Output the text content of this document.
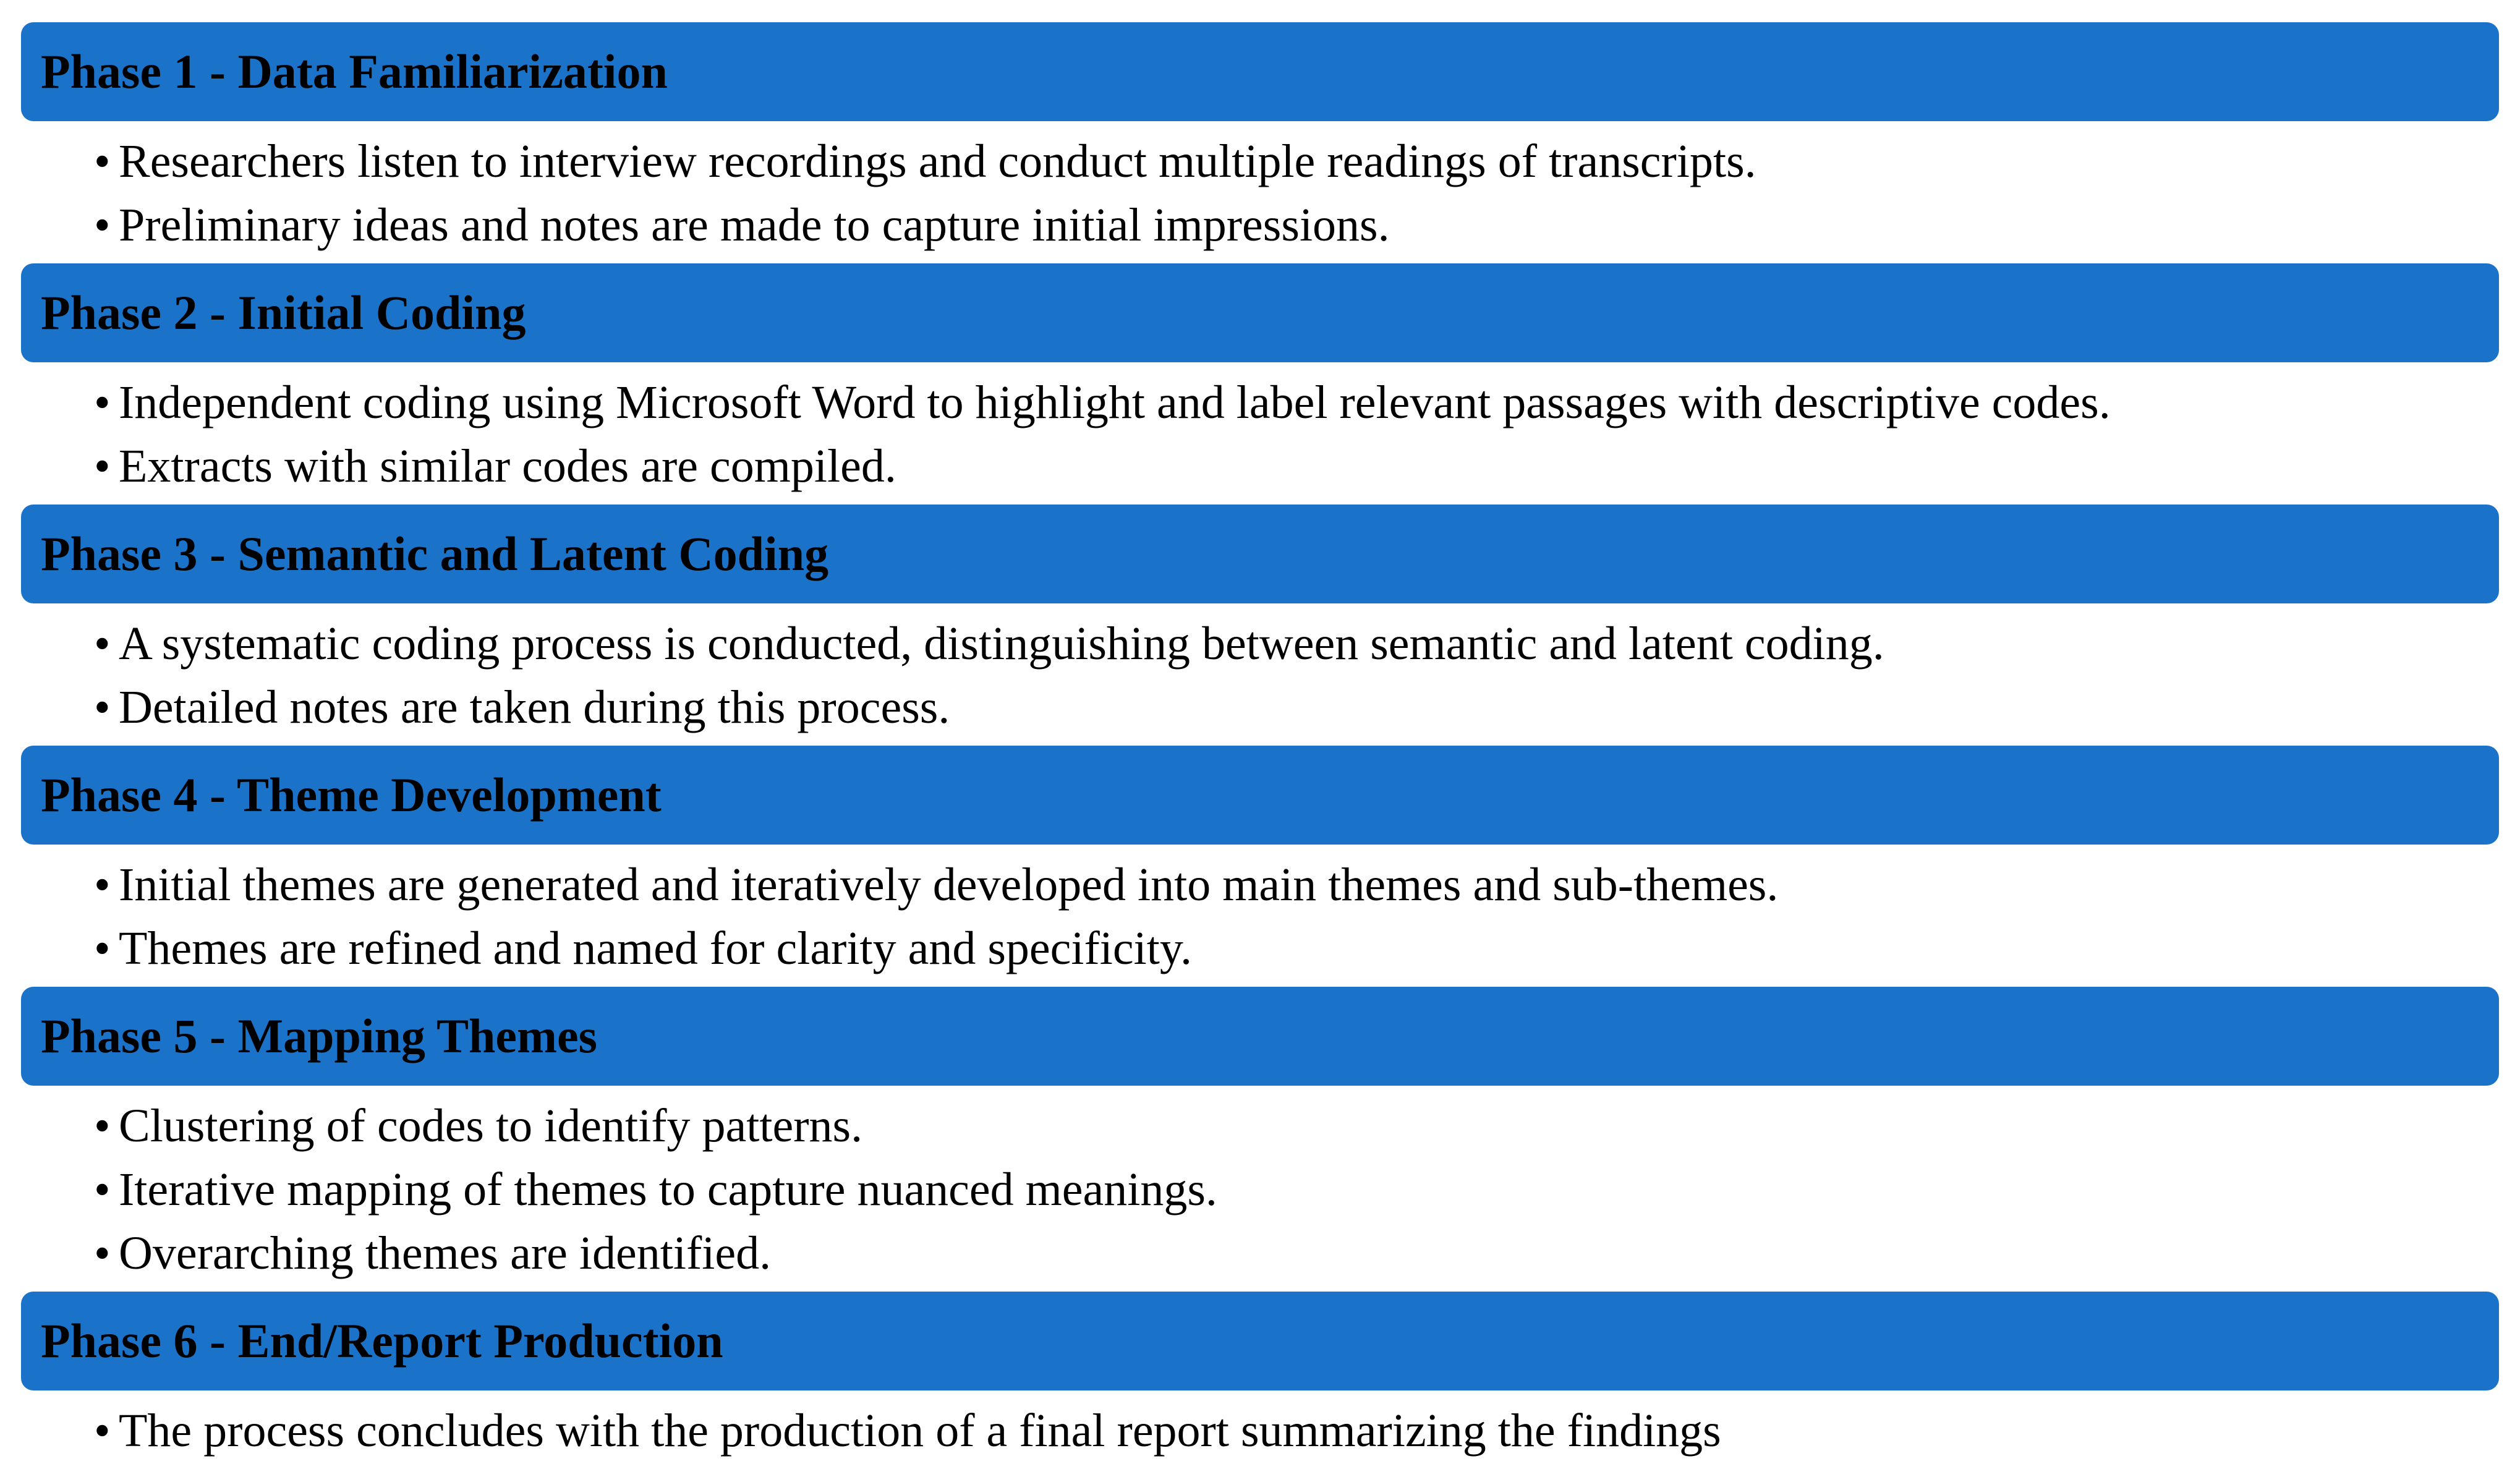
Phase 1 - Data Familiarization
• Researchers listen to interview recordings and conduct multiple readings of transcripts.
• Preliminary ideas and notes are made to capture initial impressions.
Phase 2 - Initial Coding
• Independent coding using Microsoft Word to highlight and label relevant passages with descriptive codes.
• Extracts with similar codes are compiled.
Phase 3 - Semantic and Latent Coding
• A systematic coding process is conducted, distinguishing between semantic and latent coding.
• Detailed notes are taken during this process.
Phase 4 - Theme Development
• Initial themes are generated and iteratively developed into main themes and sub-themes.
• Themes are refined and named for clarity and specificity.
Phase 5 - Mapping Themes
• Clustering of codes to identify patterns.
• Iterative mapping of themes to capture nuanced meanings.
• Overarching themes are identified.
Phase 6 - End/Report Production
• The process concludes with the production of a final report summarizing the findings
